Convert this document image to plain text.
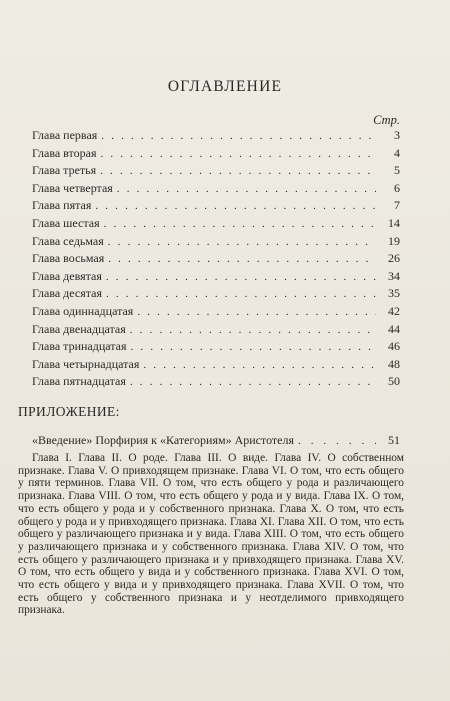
ОГЛАВЛЕНИЕ
Стр.
Глава первая . . .	3
Глава вторая . . .	4
Глава третья . . .	5
Глава четвертая . . .	6
Глава пятая . . .	7
Глава шестая . . .	14
Глава седьмая . . .	19
Глава восьмая . . .	26
Глава девятая . . .	34
Глава десятая . . .	35
Глава одиннадцатая . . .	42
Глава двенадцатая . . .	44
Глава тринадцатая . . .	46
Глава четырнадцатая . . .	48
Глава пятнадцатая . . .	50
ПРИЛОЖЕНИЕ:
«Введение» Порфирия к «Категориям» Аристотеля . . .	51
Глава I. Глава II. О роде. Глава III. О виде. Глава IV. О собственном признаке. Глава V. О привходящем признаке. Глава VI. О том, что есть общего у пяти терминов. Глава VII. О том, что есть общего у рода и различающего признака. Глава VIII. О том, что есть общего у рода и у вида. Глава IX. О том, что есть общего у рода и у собственного признака. Глава X. О том, что есть общего у рода и у привходящего признака. Глава XI. Глава XII. О том, что есть общего у различающего признака и у вида. Глава XIII. О том, что есть общего у различающего признака и у собственного признака. Глава XIV. О том, что есть общего у различающего признака и у привходящего признака. Глава XV. О том, что есть общего у вида и у собственного признака. Глава XVI. О том, что есть общего у вида и у привходящего признака. Глава XVII. О том, что есть общего у собственного признака и у неотделимого привходящего признака.
